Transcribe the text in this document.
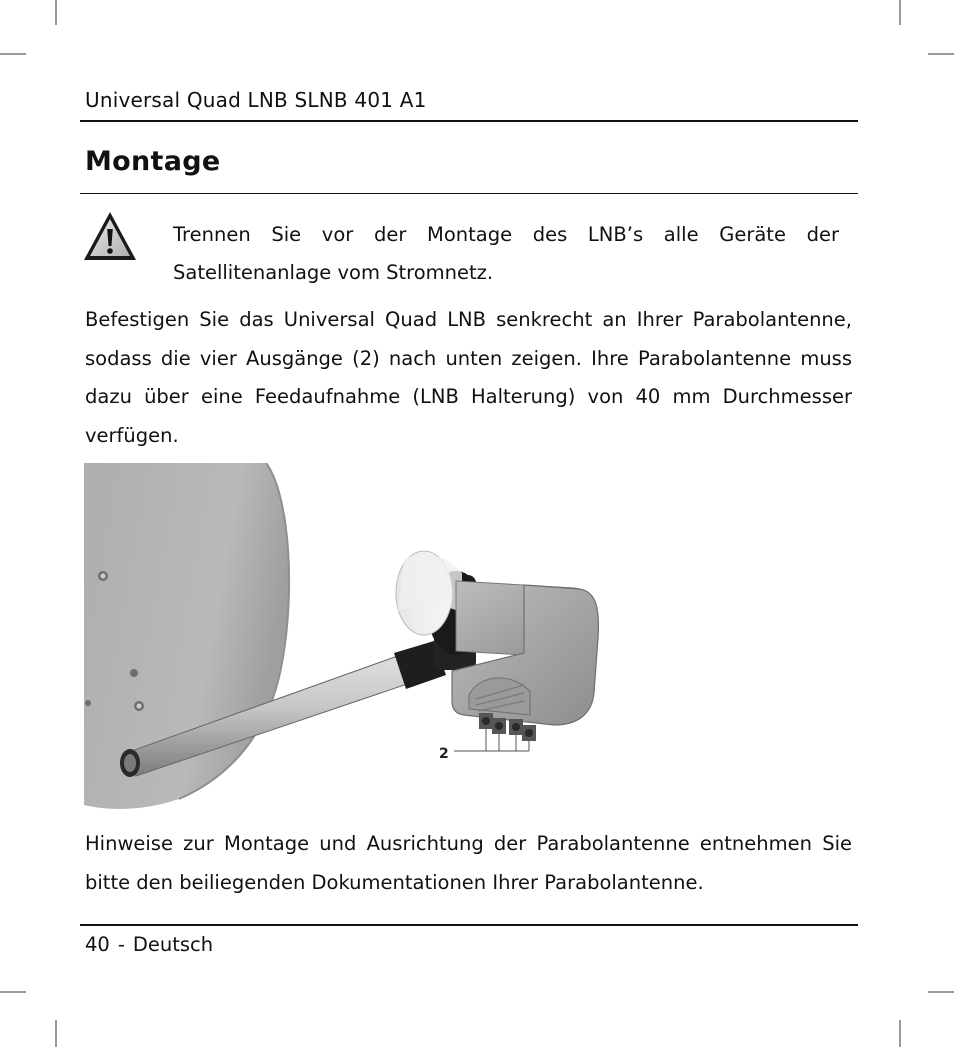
Universal Quad LNB SLNB 401 A1
Montage
Trennen Sie vor der Montage des LNB’s alle Geräte der Satellitenanlage vom Stromnetz.
Befestigen Sie das Universal Quad LNB senkrecht an Ihrer Parabolantenne, sodass die vier Ausgänge (2) nach unten zeigen. Ihre Parabolantenne muss dazu über eine Feedaufnahme (LNB Halterung) von 40 mm Durchmesser verfügen.
2
Hinweise zur Montage und Ausrichtung der Parabolantenne entnehmen Sie bitte den beiliegenden Dokumentationen Ihrer Parabolantenne.
40 - Deutsch
